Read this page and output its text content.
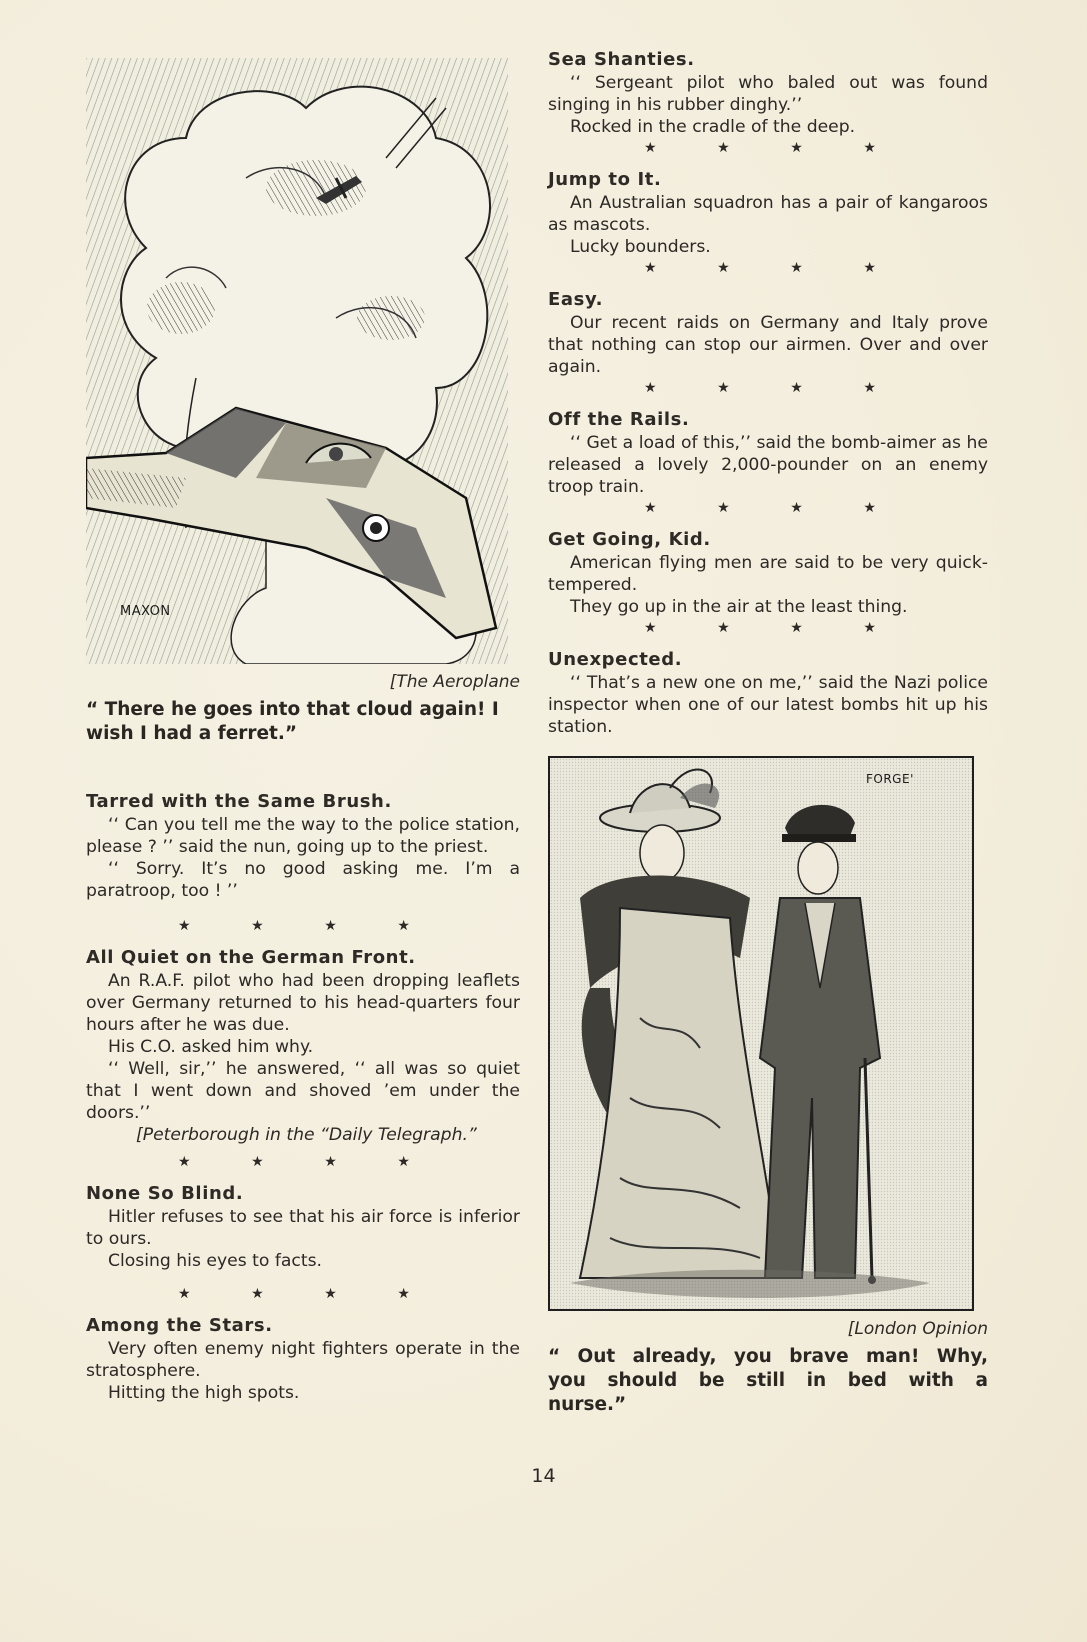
MAXON
[The Aeroplane
“ There he goes into that cloud again! I wish I had a ferret.”
Tarred with the Same Brush.

‘‘ Can you tell me the way to the police station, please ? ’’ said the nun, going up to the priest.

‘‘ Sorry. It’s no good asking me. I’m a paratroop, too ! ’’

★	★	★	★
All Quiet on the German Front.

An R.A.F. pilot who had been dropping leaflets over Germany returned to his head-quarters four hours after he was due.

His C.O. asked him why.

‘‘ Well, sir,’’ he answered, ‘‘ all was so quiet that I went down and shoved ’em under the doors.’’

[Peterborough in the “Daily Telegraph.”

★	★	★	★
None So Blind.

Hitler refuses to see that his air force is inferior to ours.

Closing his eyes to facts.

★	★	★	★
Among the Stars.

Very often enemy night fighters operate in the stratosphere.

Hitting the high spots.

Sea Shanties.

‘‘ Sergeant pilot who baled out was found singing in his rubber dinghy.’’

Rocked in the cradle of the deep.

★	★	★	★
Jump to It.

An Australian squadron has a pair of kangaroos as mascots.

Lucky bounders.

★	★	★	★
Easy.

Our recent raids on Germany and Italy prove that nothing can stop our airmen. Over and over again.

★	★	★	★
Off the Rails.

‘‘ Get a load of this,’’ said the bomb-aimer as he released a lovely 2,000-pounder on an enemy troop train.

★	★	★	★
Get Going, Kid.

American flying men are said to be very quick-tempered.

They go up in the air at the least thing.

★	★	★	★
Unexpected.

‘‘ That’s a new one on me,’’ said the Nazi police inspector when one of our latest bombs hit up his station.

FORGE'
[London Opinion
“ Out already, you brave man! Why, you should be still in bed with a nurse.”
14
